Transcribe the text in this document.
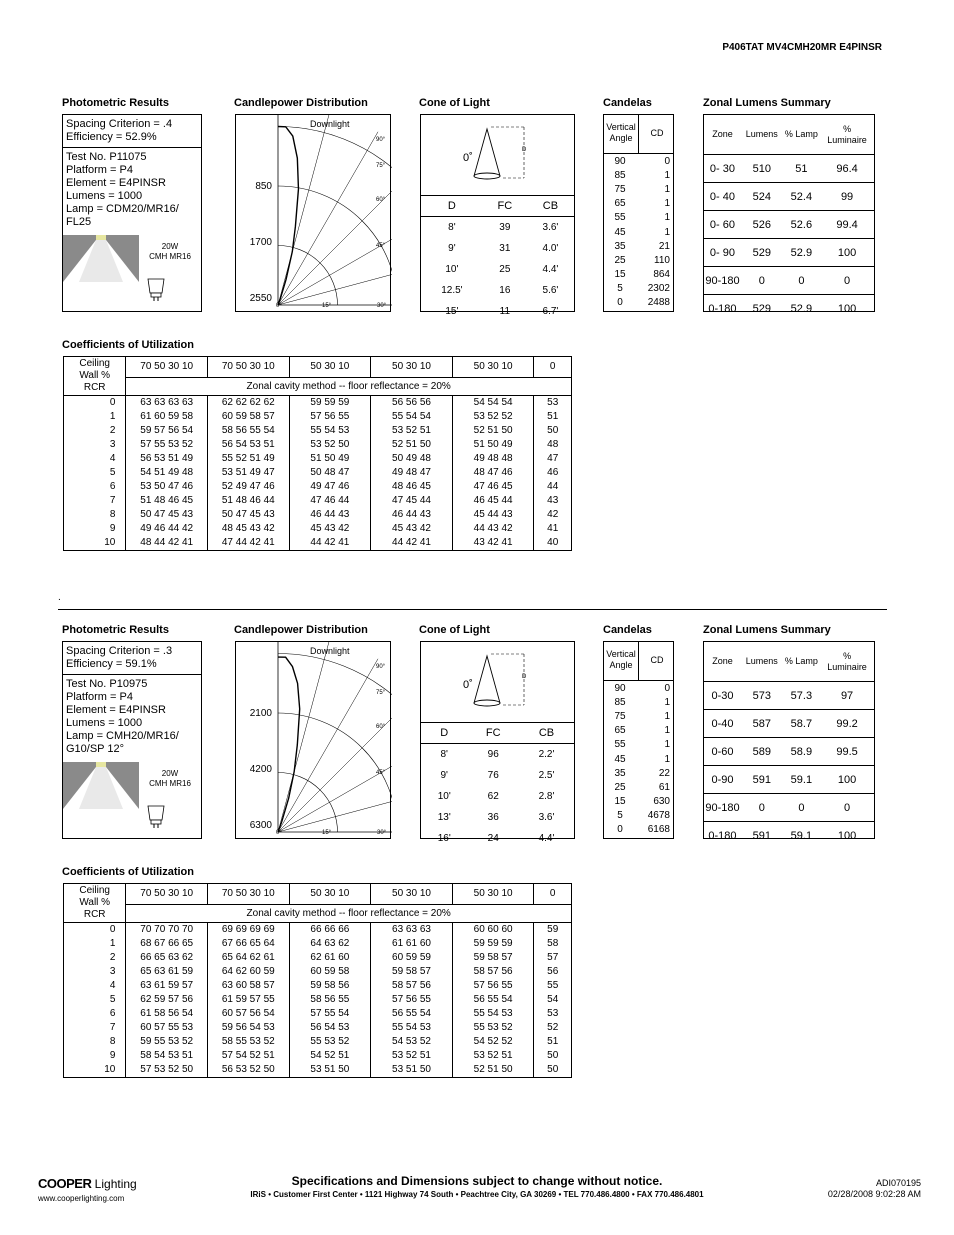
P406TAT MV4CMH20MR E4PINSR
Photometric Results	Candlepower Distribution	Cone of Light	Candelas	Zonal Lumens Summary
Spacing Criterion = .4
Efficiency = 52.9%
Test No. P11075
Platform = P4
Element = E4PINSR
Lumens = 1000
Lamp = CDM20/MR16/
FL25
20W
CMH MR16
Downlight
90°
75°
60°
45°
30°
15°
0°
850
1700
2550
0˚
D
D	FC	CB
8'	39	3.6'
9'	31	4.0'
10'	25	4.4'
12.5'	16	5.6'
15'	11	6.7'
Vertical Angle	CD
90	0
85	1
75	1
65	1
55	1
45	1
35	21
25	110
15	864
5	2302
0	2488
Zone	Lumens	% Lamp	% Luminaire
0- 30	510	51	96.4
0- 40	524	52.4	99
0- 60	526	52.6	99.4
0- 90	529	52.9	100
90-180	0	0	0
0-180	529	52.9	100
Coefficients of Utilization
Ceiling
Wall %
RCR	70 50 30 10	70 50 30 10	50 30 10	50 30 10	50 30 10	0
	Zonal cavity method -- floor reflectance = 20%					
0	63 63 63 63	62 62 62 62	59 59 59	56 56 56	54 54 54	53
1	61 60 59 58	60 59 58 57	57 56 55	55 54 54	53 52 52	51
2	59 57 56 54	58 56 55 54	55 54 53	53 52 51	52 51 50	50
3	57 55 53 52	56 54 53 51	53 52 50	52 51 50	51 50 49	48
4	56 53 51 49	55 52 51 49	51 50 49	50 49 48	49 48 48	47
5	54 51 49 48	53 51 49 47	50 48 47	49 48 47	48 47 46	46
6	53 50 47 46	52 49 47 46	49 47 46	48 46 45	47 46 45	44
7	51 48 46 45	51 48 46 44	47 46 44	47 45 44	46 45 44	43
8	50 47 45 43	50 47 45 43	46 44 43	46 44 43	45 44 43	42
9	49 46 44 42	48 45 43 42	45 43 42	45 43 42	44 43 42	41
10	48 44 42 41	47 44 42 41	44 42 41	44 42 41	43 42 41	40
Photometric Results	Candlepower Distribution	Cone of Light	Candelas	Zonal Lumens Summary
Spacing Criterion = .3
Efficiency = 59.1%
Test No. P10975
Platform = P4
Element = E4PINSR
Lumens = 1000
Lamp = CMH20/MR16/
G10/SP 12°
20W
CMH MR16
Downlight
90°
75°
60°
45°
30°
15°
0°
2100
4200
6300
0˚
D
D	FC	CB
8'	96	2.2'
9'	76	2.5'
10'	62	2.8'
13'	36	3.6'
16'	24	4.4'
Vertical Angle	CD
90	0
85	1
75	1
65	1
55	1
45	1
35	22
25	61
15	630
5	4678
0	6168
Zone	Lumens	% Lamp	% Luminaire
0-30	573	57.3	97
0-40	587	58.7	99.2
0-60	589	58.9	99.5
0-90	591	59.1	100
90-180	0	0	0
0-180	591	59.1	100
Coefficients of Utilization
Ceiling
Wall %
RCR	70 50 30 10	70 50 30 10	50 30 10	50 30 10	50 30 10	0
	Zonal cavity method -- floor reflectance = 20%					
0	70 70 70 70	69 69 69 69	66 66 66	63 63 63	60 60 60	59
1	68 67 66 65	67 66 65 64	64 63 62	61 61 60	59 59 59	58
2	66 65 63 62	65 64 62 61	62 61 60	60 59 59	59 58 57	57
3	65 63 61 59	64 62 60 59	60 59 58	59 58 57	58 57 56	56
4	63 61 59 57	63 60 58 57	59 58 56	58 57 56	57 56 55	55
5	62 59 57 56	61 59 57 55	58 56 55	57 56 55	56 55 54	54
6	61 58 56 54	60 57 56 54	57 55 54	56 55 54	55 54 53	53
7	60 57 55 53	59 56 54 53	56 54 53	55 54 53	55 53 52	52
8	59 55 53 52	58 55 53 52	55 53 52	54 53 52	54 52 52	51
9	58 54 53 51	57 54 52 51	54 52 51	53 52 51	53 52 51	50
10	57 53 52 50	56 53 52 50	53 51 50	53 51 50	52 51 50	50
.
COOPER Lighting
www.cooperlighting.com
Specifications and Dimensions subject to change without notice.
IRiS • Customer First Center • 1121 Highway 74 South • Peachtree City, GA 30269 • TEL 770.486.4800 • FAX 770.486.4801
ADI070195
02/28/2008 9:02:28 AM
